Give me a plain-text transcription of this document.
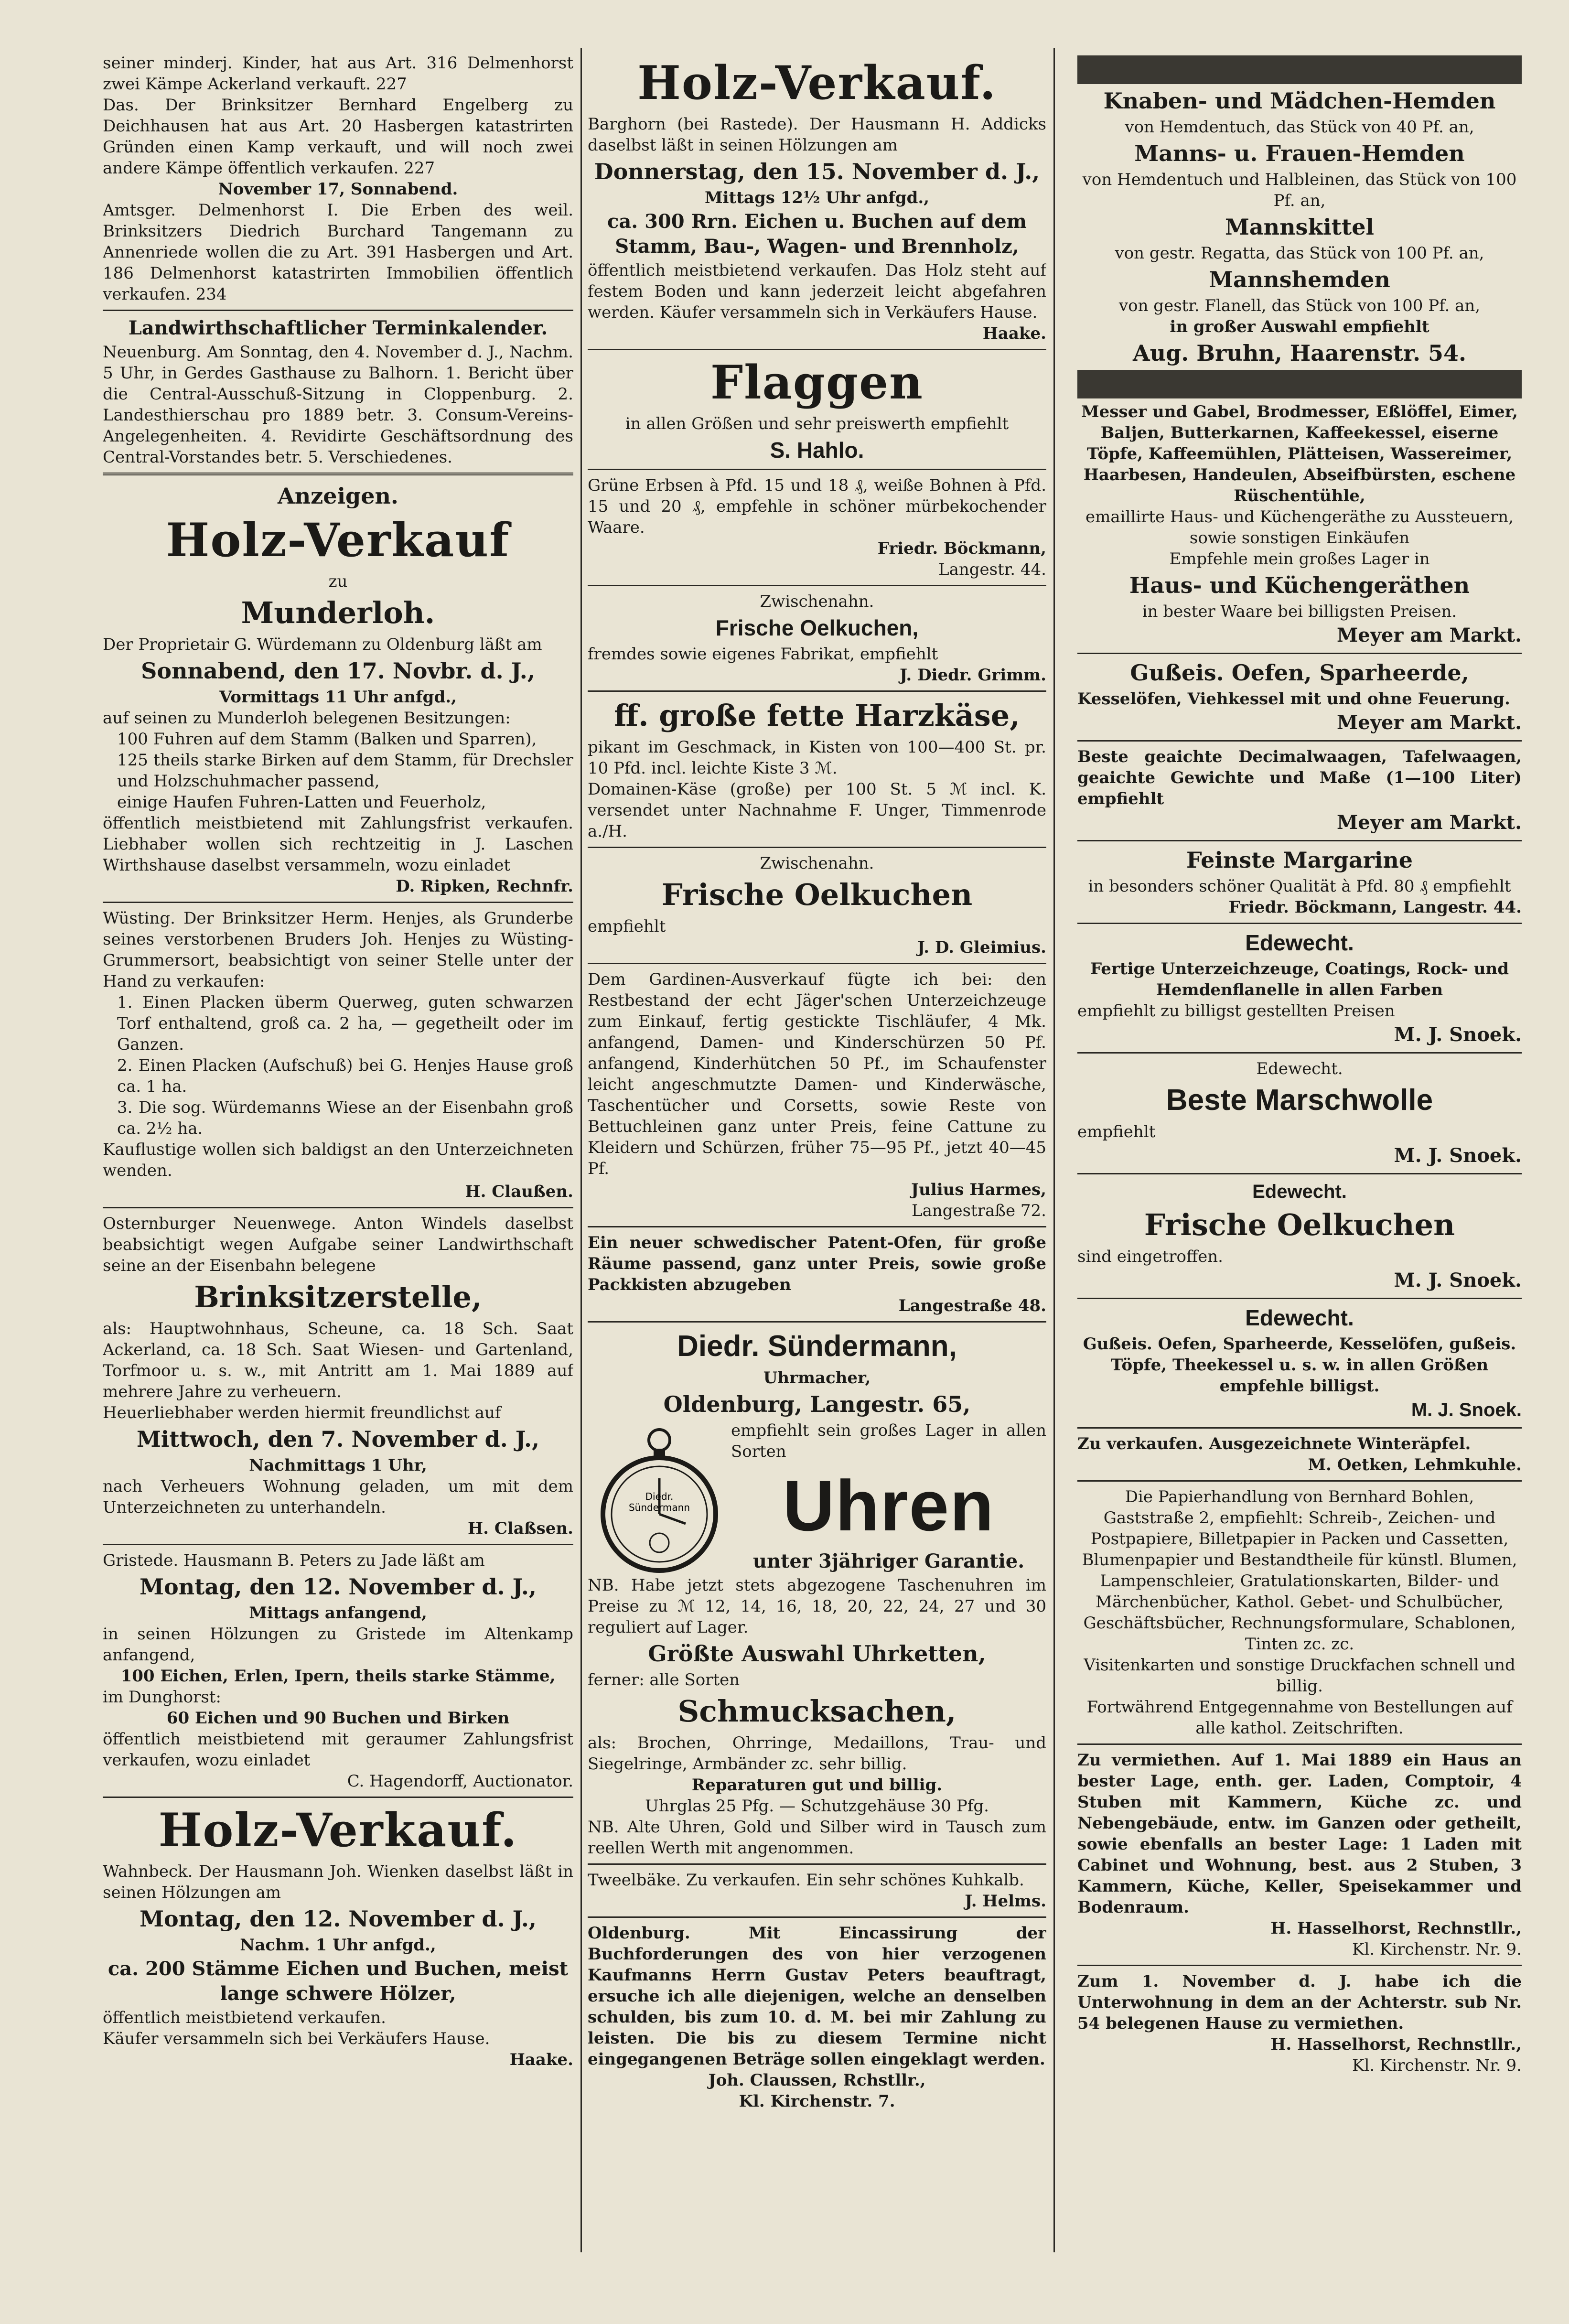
seiner minderj. Kinder, hat aus Art. 316 Delmenhorst zwei Kämpe Ackerland verkauft. 227

Das. Der Brinksitzer Bernhard Engelberg zu Deichhausen hat aus Art. 20 Hasbergen katastrirten Gründen einen Kamp verkauft, und will noch zwei andere Kämpe öffentlich verkaufen. 227

November 17, Sonnabend.

Amtsger. Delmenhorst I. Die Erben des weil. Brinksitzers Diedrich Burchard Tangemann zu Annenriede wollen die zu Art. 391 Hasbergen und Art. 186 Delmenhorst katastrirten Immobilien öffentlich verkaufen. 234

Landwirthschaftlicher Terminkalender.

Neuenburg. Am Sonntag, den 4. November d. J., Nachm. 5 Uhr, in Gerdes Gasthause zu Balhorn. 1. Bericht über die Central-Ausschuß-Sitzung in Cloppenburg. 2. Landesthierschau pro 1889 betr. 3. Consum-Vereins-Angelegenheiten. 4. Revidirte Geschäftsordnung des Central-Vorstandes betr. 5. Verschiedenes.

Anzeigen.

Holz-Verkauf

zu

Munderloh.

Der Proprietair G. Würdemann zu Oldenburg läßt am

Sonnabend, den 17. Novbr. d. J.,

Vormittags 11 Uhr anfgd.,

auf seinen zu Munderloh belegenen Besitzungen:

100 Fuhren auf dem Stamm (Balken und Sparren),

125 theils starke Birken auf dem Stamm, für Drechsler und Holzschuhmacher passend,

einige Haufen Fuhren-Latten und Feuerholz,

öffentlich meistbietend mit Zahlungsfrist verkaufen. Liebhaber wollen sich rechtzeitig in J. Laschen Wirthshause daselbst versammeln, wozu einladet

D. Ripken, Rechnfr.

Wüsting. Der Brinksitzer Herm. Henjes, als Grunderbe seines verstorbenen Bruders Joh. Henjes zu Wüsting-Grummersort, beabsichtigt von seiner Stelle unter der Hand zu verkaufen:

1. Einen Placken überm Querweg, guten schwarzen Torf enthaltend, groß ca. 2 ha, — gegetheilt oder im Ganzen.

2. Einen Placken (Aufschuß) bei G. Henjes Hause groß ca. 1 ha.

3. Die sog. Würdemanns Wiese an der Eisenbahn groß ca. 2½ ha.

Kauflustige wollen sich baldigst an den Unterzeichneten wenden.

H. Claußen.

Osternburger Neuenwege. Anton Windels daselbst beabsichtigt wegen Aufgabe seiner Landwirthschaft seine an der Eisenbahn belegene

Brinksitzerstelle,

als: Hauptwohnhaus, Scheune, ca. 18 Sch. Saat Ackerland, ca. 18 Sch. Saat Wiesen- und Gartenland, Torfmoor u. s. w., mit Antritt am 1. Mai 1889 auf mehrere Jahre zu verheuern.

Heuerliebhaber werden hiermit freundlichst auf

Mittwoch, den 7. November d. J.,

Nachmittags 1 Uhr,

nach Verheuers Wohnung geladen, um mit dem Unterzeichneten zu unterhandeln.

H. Claßsen.

Gristede. Hausmann B. Peters zu Jade läßt am

Montag, den 12. November d. J.,

Mittags anfangend,

in seinen Hölzungen zu Gristede im Altenkamp anfangend,

100 Eichen, Erlen, Ipern, theils starke Stämme,

im Dunghorst:

60 Eichen und 90 Buchen und Birken

öffentlich meistbietend mit geraumer Zahlungsfrist verkaufen, wozu einladet

C. Hagendorff, Auctionator.

Holz-Verkauf.

Wahnbeck. Der Hausmann Joh. Wienken daselbst läßt in seinen Hölzungen am

Montag, den 12. November d. J.,

Nachm. 1 Uhr anfgd.,

ca. 200 Stämme Eichen und Buchen, meist lange schwere Hölzer,

öffentlich meistbietend verkaufen.

Käufer versammeln sich bei Verkäufers Hause.

Haake.

Holz-Verkauf.

Barghorn (bei Rastede). Der Hausmann H. Addicks daselbst läßt in seinen Hölzungen am

Donnerstag, den 15. November d. J.,

Mittags 12½ Uhr anfgd.,

ca. 300 Rrn. Eichen u. Buchen auf dem Stamm, Bau-, Wagen- und Brennholz,

öffentlich meistbietend verkaufen. Das Holz steht auf festem Boden und kann jederzeit leicht abgefahren werden. Käufer versammeln sich in Verkäufers Hause.

Haake.

Flaggen

in allen Größen und sehr preiswerth empfiehlt

S. Hahlo.

Grüne Erbsen à Pfd. 15 und 18 ₰, weiße Bohnen à Pfd. 15 und 20 ₰, empfehle in schöner mürbekochender Waare.

Friedr. Böckmann,

Langestr. 44.

Zwischenahn.

Frische Oelkuchen,

fremdes sowie eigenes Fabrikat, empfiehlt

J. Diedr. Grimm.

ff. große fette Harzkäse,

pikant im Geschmack, in Kisten von 100—400 St. pr. 10 Pfd. incl. leichte Kiste 3 ℳ.

Domainen-Käse (große) per 100 St. 5 ℳ incl. K. versendet unter Nachnahme F. Unger, Timmenrode a./H.

Zwischenahn.

Frische Oelkuchen

empfiehlt

J. D. Gleimius.

Dem Gardinen-Ausverkauf fügte ich bei: den Restbestand der echt Jäger'schen Unterzeichzeuge zum Einkauf, fertig gestickte Tischläufer, 4 Mk. anfangend, Damen- und Kinderschürzen 50 Pf. anfangend, Kinderhütchen 50 Pf., im Schaufenster leicht angeschmutzte Damen- und Kinderwäsche, Taschentücher und Corsetts, sowie Reste von Bettuchleinen ganz unter Preis, feine Cattune zu Kleidern und Schürzen, früher 75—95 Pf., jetzt 40—45 Pf.

Julius Harmes,

Langestraße 72.

Ein neuer schwedischer Patent-Ofen, für große Räume passend, ganz unter Preis, sowie große Packkisten abzugeben

Langestraße 48.

Diedr. Sündermann,

Uhrmacher,

Oldenburg, Langestr. 65,

Diedr.
Sündermann

empfiehlt sein großes Lager in allen Sorten

Uhren

unter 3jähriger Garantie.

NB. Habe jetzt stets abgezogene Taschenuhren im Preise zu ℳ 12, 14, 16, 18, 20, 22, 24, 27 und 30 reguliert auf Lager.

Größte Auswahl Uhrketten,

ferner: alle Sorten

Schmucksachen,

als: Brochen, Ohrringe, Medaillons, Trau- und Siegelringe, Armbänder zc. sehr billig.

Reparaturen gut und billig.

Uhrglas 25 Pfg. — Schutzgehäuse 30 Pfg.

NB. Alte Uhren, Gold und Silber wird in Tausch zum reellen Werth mit angenommen.

Tweelbäke. Zu verkaufen. Ein sehr schönes Kuhkalb.

J. Helms.

Oldenburg. Mit Eincassirung der Buchforderungen des von hier verzogenen Kaufmanns Herrn Gustav Peters beauftragt, ersuche ich alle diejenigen, welche an denselben schulden, bis zum 10. d. M. bei mir Zahlung zu leisten. Die bis zu diesem Termine nicht eingegangenen Beträge sollen eingeklagt werden.

Joh. Claussen, Rchstllr.,

Kl. Kirchenstr. 7.

Knaben- und Mädchen-Hemden

von Hemdentuch, das Stück von 40 Pf. an,

Manns- u. Frauen-Hemden

von Hemdentuch und Halbleinen, das Stück von 100 Pf. an,

Mannskittel

von gestr. Regatta, das Stück von 100 Pf. an,

Mannshemden

von gestr. Flanell, das Stück von 100 Pf. an,

in großer Auswahl empfiehlt

Aug. Bruhn, Haarenstr. 54.

Messer und Gabel, Brodmesser, Eßlöffel, Eimer, Baljen, Butterkarnen, Kaffeekessel, eiserne Töpfe, Kaffeemühlen, Plätteisen, Wassereimer, Haarbesen, Handeulen, Abseifbürsten, eschene Rüschentühle,

emaillirte Haus- und Küchengeräthe zu Aussteuern, sowie sonstigen Einkäufen

Empfehle mein großes Lager in

Haus- und Küchengeräthen

in bester Waare bei billigsten Preisen.

Meyer am Markt.

Gußeis. Oefen, Sparheerde,

Kesselöfen, Viehkessel mit und ohne Feuerung.

Meyer am Markt.

Beste geaichte Decimalwaagen, Tafelwaagen, geaichte Gewichte und Maße (1—100 Liter) empfiehlt

Meyer am Markt.

Feinste Margarine

in besonders schöner Qualität à Pfd. 80 ₰ empfiehlt

Friedr. Böckmann, Langestr. 44.

Edewecht.

Fertige Unterzeichzeuge, Coatings, Rock- und Hemdenflanelle in allen Farben

empfiehlt zu billigst gestellten Preisen

M. J. Snoek.

Edewecht.

Beste Marschwolle

empfiehlt

M. J. Snoek.

Edewecht.

Frische Oelkuchen

sind eingetroffen.

M. J. Snoek.

Edewecht.

Gußeis. Oefen, Sparheerde, Kesselöfen, gußeis. Töpfe, Theekessel u. s. w. in allen Größen empfehle billigst.

M. J. Snoek.

Zu verkaufen. Ausgezeichnete Winteräpfel.

M. Oetken, Lehmkuhle.

Die Papierhandlung von Bernhard Bohlen, Gaststraße 2, empfiehlt: Schreib-, Zeichen- und Postpapiere, Billetpapier in Packen und Cassetten, Blumenpapier und Bestandtheile für künstl. Blumen, Lampenschleier, Gratulationskarten, Bilder- und Märchenbücher, Kathol. Gebet- und Schulbücher, Geschäftsbücher, Rechnungsformulare, Schablonen, Tinten zc. zc.

Visitenkarten und sonstige Druckfachen schnell und billig.

Fortwährend Entgegennahme von Bestellungen auf alle kathol. Zeitschriften.

Zu vermiethen. Auf 1. Mai 1889 ein Haus an bester Lage, enth. ger. Laden, Comptoir, 4 Stuben mit Kammern, Küche zc. und Nebengebäude, entw. im Ganzen oder getheilt, sowie ebenfalls an bester Lage: 1 Laden mit Cabinet und Wohnung, best. aus 2 Stuben, 3 Kammern, Küche, Keller, Speisekammer und Bodenraum.

H. Hasselhorst, Rechnstllr.,

Kl. Kirchenstr. Nr. 9.

Zum 1. November d. J. habe ich die Unterwohnung in dem an der Achterstr. sub Nr. 54 belegenen Hause zu vermiethen.

H. Hasselhorst, Rechnstllr.,

Kl. Kirchenstr. Nr. 9.
